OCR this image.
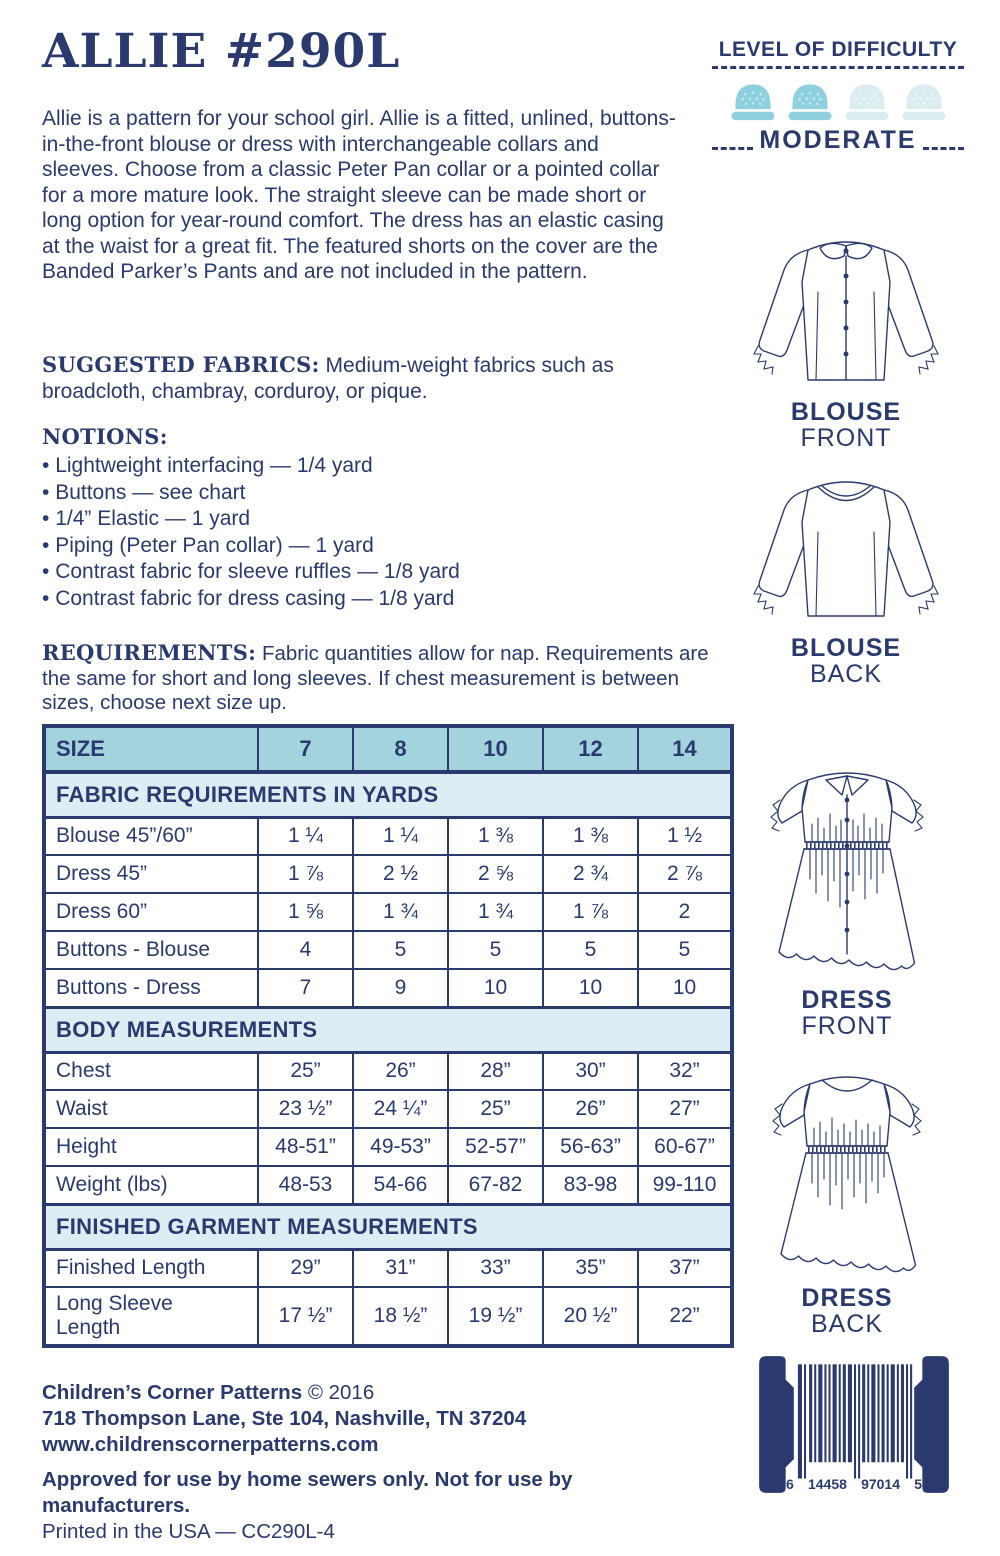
ALLIE #290L

Allie is a pattern for your school girl. Allie is a fitted, unlined, buttons-in-the-front blouse or dress with interchangeable collars and sleeves. Choose from a classic Peter Pan collar or a pointed collar for a more mature look. The straight sleeve can be made short or long option for year-round comfort. The dress has an elastic casing at the waist for a great fit. The featured shorts on the cover are the Banded Parker’s Pants and are not included in the pattern.

SUGGESTED FABRICS: Medium-weight fabrics such as broadcloth, chambray, corduroy, or pique.

NOTIONS:
• Lightweight interfacing — 1/4 yard
• Buttons — see chart
• 1/4” Elastic — 1 yard
• Piping (Peter Pan collar) — 1 yard
• Contrast fabric for sleeve ruffles — 1/8 yard
• Contrast fabric for dress casing — 1/8 yard

REQUIREMENTS: Fabric quantities allow for nap. Requirements are the same for short and long sleeves. If chest measurement is between sizes, choose next size up.

SIZE	7	8	10	12	14
FABRIC REQUIREMENTS IN YARDS					
Blouse 45”/60”	1 ¼	1 ¼	1 ⅜	1 ⅜	1 ½
Dress 45”	1 ⅞	2 ½	2 ⅝	2 ¾	2 ⅞
Dress 60”	1 ⅝	1 ¾	1 ¾	1 ⅞	2
Buttons - Blouse	4	5	5	5	5
Buttons - Dress	7	9	10	10	10
BODY MEASUREMENTS					
Chest	25”	26”	28”	30”	32”
Waist	23 ½”	24 ¼”	25”	26”	27”
Height	48-51”	49-53”	52-57”	56-63”	60-67”
Weight (lbs)	48-53	54-66	67-82	83-98	99-110
FINISHED GARMENT MEASUREMENTS					
Finished Length	29”	31”	33”	35”	37”
Long Sleeve Length	17 ½”	18 ½”	19 ½”	20 ½”	22”

Children’s Corner Patterns © 2016

718 Thompson Lane, Ste 104, Nashville, TN 37204

www.childrenscornerpatterns.com

Approved for use by home sewers only. Not for use by manufacturers.

Printed in the USA — CC290L-4

LEVEL OF DIFFICULTY
MODERATE
BLOUSE
FRONT
BLOUSE
BACK
DRESS
FRONT
DRESS
BACK
6 14458 97014 5
